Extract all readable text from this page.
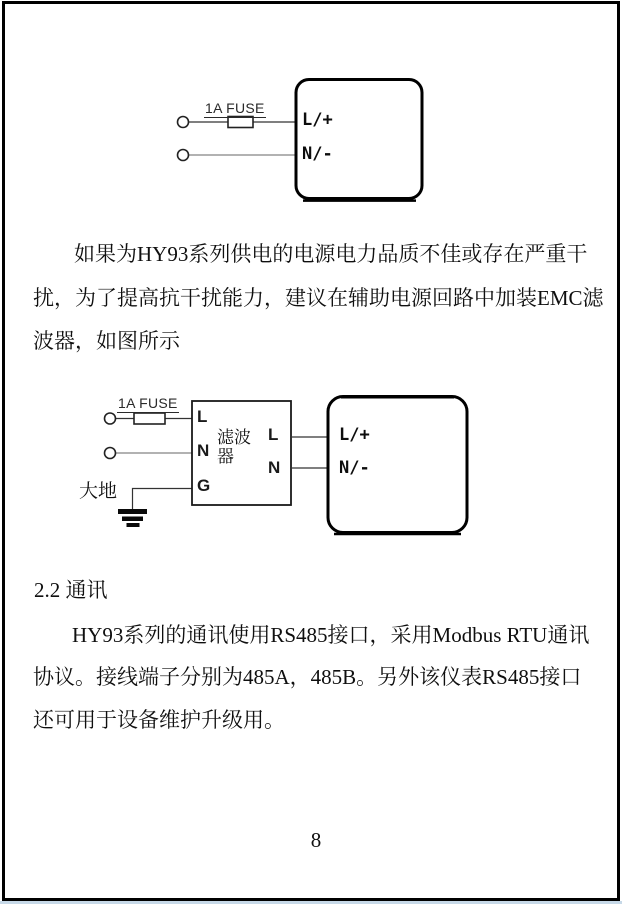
1A FUSE
L/+
N/-
如果为HY93系列供电的电源电力品质不佳或存在严重干
扰，为了提高抗干扰能力，建议在辅助电源回路中加装EMC滤
波器，如图所示
1A FUSE
L
N
G
滤波
器
L
N
L/+
N/-
大地
2.2 通讯
HY93系列的通讯使用RS485接口，采用Modbus RTU通讯
协议。接线端子分别为485A，485B。另外该仪表RS485接口
还可用于设备维护升级用。
8
